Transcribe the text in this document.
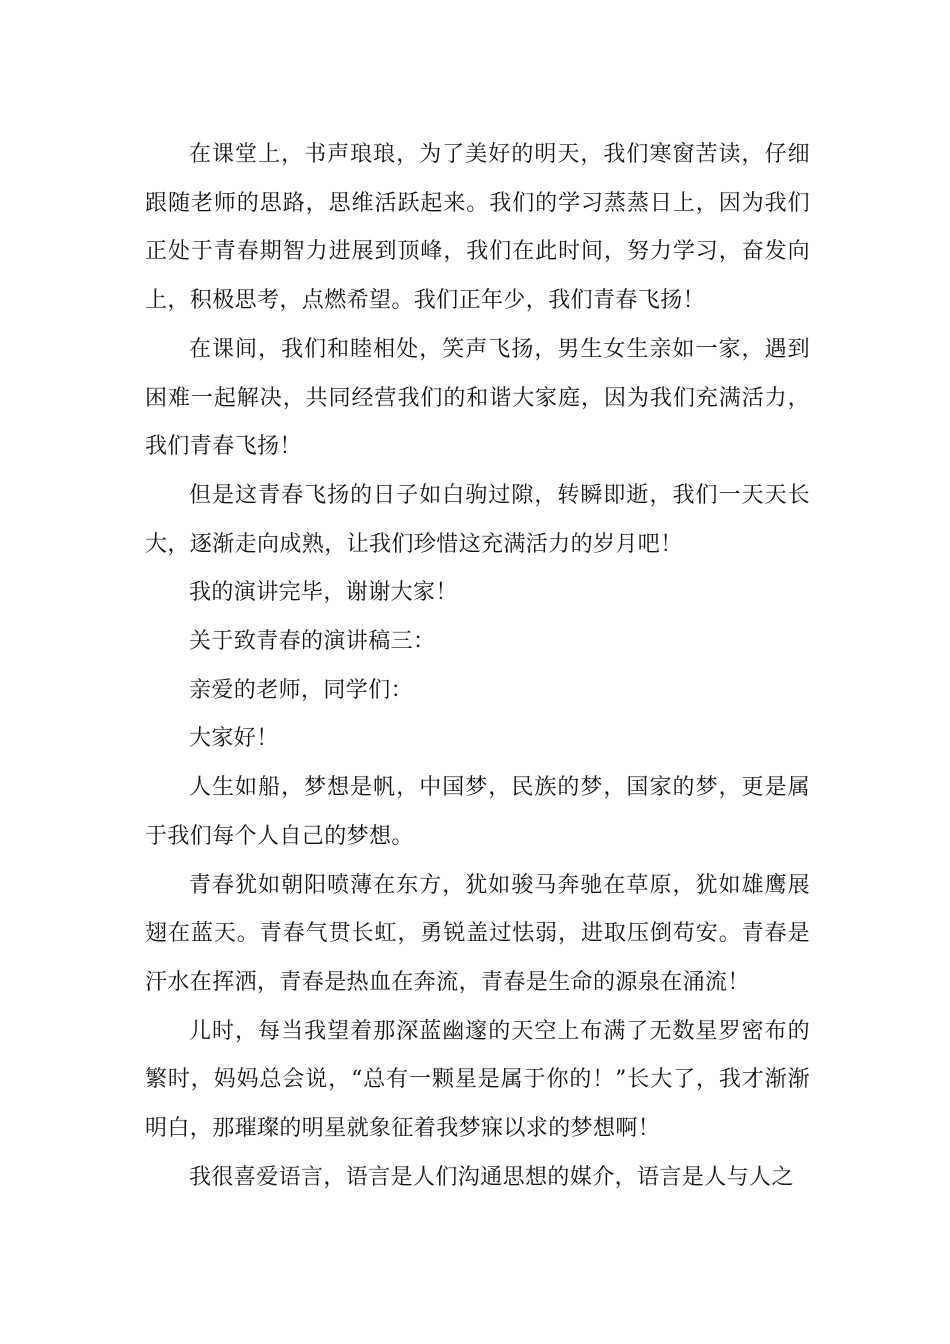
在课堂上，书声琅琅，为了美好的明天，我们寒窗苦读，仔细跟随老师的思路，思维活跃起来。我们的学习蒸蒸日上，因为我们正处于青春期智力进展到顶峰，我们在此时间，努力学习，奋发向上，积极思考，点燃希望。我们正年少，我们青春飞扬！

在课间，我们和睦相处，笑声飞扬，男生女生亲如一家，遇到困难一起解决，共同经营我们的和谐大家庭，因为我们充满活力，我们青春飞扬！

但是这青春飞扬的日子如白驹过隙，转瞬即逝，我们一天天长大，逐渐走向成熟，让我们珍惜这充满活力的岁月吧！

我的演讲完毕，谢谢大家！

关于致青春的演讲稿三：

亲爱的老师，同学们：

大家好！

人生如船，梦想是帆，中国梦，民族的梦，国家的梦，更是属于我们每个人自己的梦想。

青春犹如朝阳喷薄在东方，犹如骏马奔驰在草原，犹如雄鹰展翅在蓝天。青春气贯长虹，勇锐盖过怯弱，进取压倒苟安。青春是汗水在挥洒，青春是热血在奔流，青春是生命的源泉在涌流！

儿时，每当我望着那深蓝幽邃的天空上布满了无数星罗密布的繁时，妈妈总会说，“总有一颗星是属于你的！”长大了，我才渐渐明白，那璀璨的明星就象征着我梦寐以求的梦想啊！

我很喜爱语言，语言是人们沟通思想的媒介，语言是人与人之
